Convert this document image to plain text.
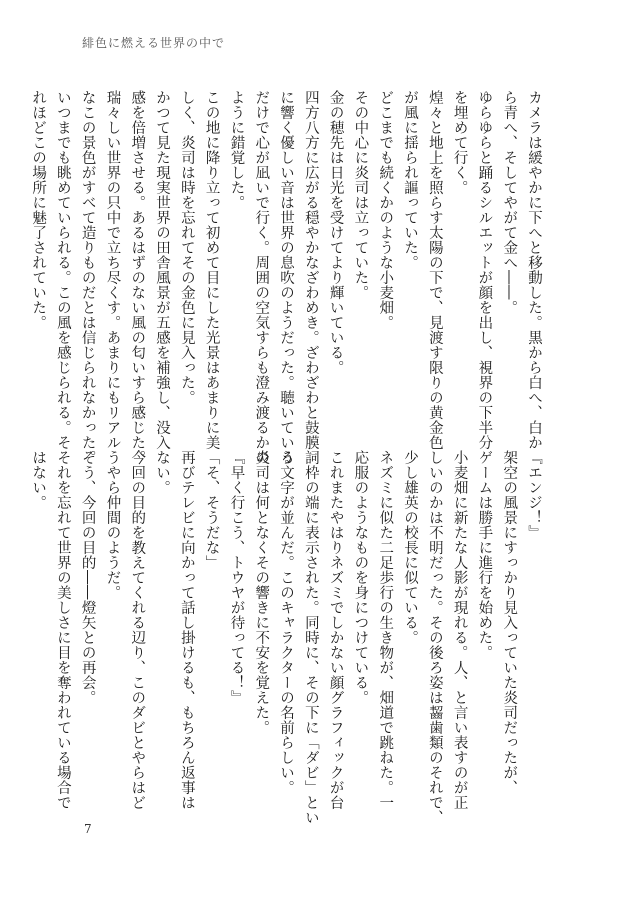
緋色に燃える世界の中で
カメラは緩やかに下へと移動した。黒から白へ、白か
ら青へ、そしてやがて金へ――。
ゆらゆらと踊るシルエットが顔を出し、視界の下半分
を埋めて行く。
煌々と地上を照らす太陽の下で、見渡す限りの黄金色
が風に揺られ謳っていた。
どこまでも続くかのような小麦畑。
その中心に炎司は立っていた。
金の穂先は日光を受けてより輝いている。
四方八方に広がる穏やかなざわめき。ざわざわと鼓膜
に響く優しい音は世界の息吹のようだった。聴いている
だけで心が凪いで行く。周囲の空気すらも澄み渡るかの
ように錯覚した。
この地に降り立って初めて目にした光景はあまりに美
しく、炎司は時を忘れてその金色に見入った。
かつて見た現実世界の田舎風景が五感を補強し、没入
感を倍増させる。あるはずのない風の匂いすら感じた。
瑞々しい世界の只中で立ち尽くす。あまりにもリアル
なこの景色がすべて造りものだとは信じられなかった。
いつまでも眺めていられる。この風を感じられる。そ
れほどこの場所に魅了されていた。
『エンジ！』
架空の風景にすっかり見入っていた炎司だったが、
ゲームは勝手に進行を始めた。
小麦畑に新たな人影が現れる。人、と言い表すのが正
しいのかは不明だった。その後ろ姿は齧歯類のそれで、
少し雄英の校長に似ている。
ネズミに似た二足歩行の生き物が、畑道で跳ねた。一
応服のようなものを身につけている。
これまたやはりネズミでしかない顔グラフィックが台
詞枠の端に表示された。同時に、その下に「ダビ」とい
う文字が並んだ。このキャラクターの名前らしい。
炎司は何となくその響きに不安を覚えた。
『早く行こう、トウヤが待ってる！』
「そ、そうだな」
再びテレビに向かって話し掛けるも、もちろん返事は
ない。
今回の目的を教えてくれる辺り、このダビとやらはど
うやら仲間のようだ。
そう、今回の目的――燈矢との再会。
それを忘れて世界の美しさに目を奪われている場合で
はない。
7
